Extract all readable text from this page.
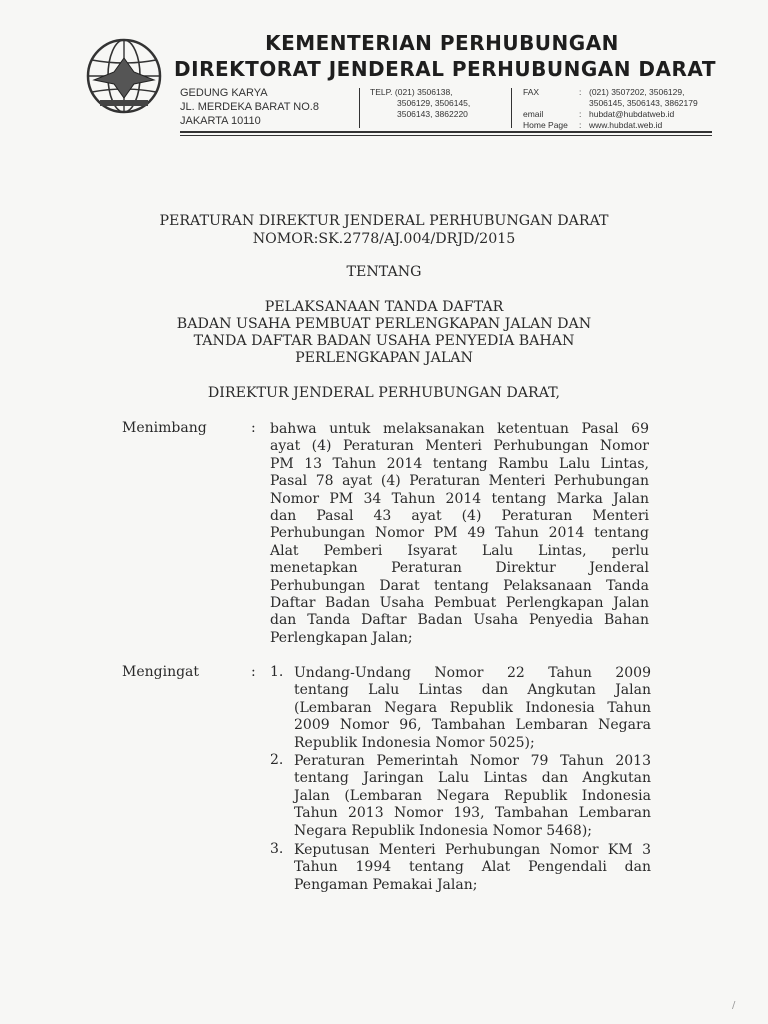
KEMENTERIAN PERHUBUNGAN
DIREKTORAT JENDERAL PERHUBUNGAN DARAT
GEDUNG KARYA
JL. MERDEKA BARAT NO.8
JAKARTA 10110
TELP. (021) 3506138,
3506129, 3506145,
3506143, 3862220
FAX	:	(021) 3507202, 3506129,
		3506145, 3506143, 3862179
email	:	hubdat@hubdatweb.id
Home Page	:	www.hubdat.web.id
PERATURAN DIREKTUR JENDERAL PERHUBUNGAN DARAT
NOMOR:SK.2778/AJ.004/DRJD/2015
TENTANG
PELAKSANAAN TANDA DAFTAR
BADAN USAHA PEMBUAT PERLENGKAPAN JALAN DAN
TANDA DAFTAR BADAN USAHA PENYEDIA BAHAN
PERLENGKAPAN JALAN
DIREKTUR JENDERAL PERHUBUNGAN DARAT,
Menimbang	: bahwa untuk melaksanakan ketentuan Pasal 69
ayat (4) Peraturan Menteri Perhubungan Nomor
PM 13 Tahun 2014 tentang Rambu Lalu Lintas,
Pasal 78 ayat (4) Peraturan Menteri Perhubungan
Nomor PM 34 Tahun 2014 tentang Marka Jalan
dan Pasal 43 ayat (4) Peraturan Menteri
Perhubungan Nomor PM 49 Tahun 2014 tentang
Alat Pemberi Isyarat Lalu Lintas, perlu
menetapkan Peraturan Direktur Jenderal
Perhubungan Darat tentang Pelaksanaan Tanda
Daftar Badan Usaha Pembuat Perlengkapan Jalan
dan Tanda Daftar Badan Usaha Penyedia Bahan
Perlengkapan Jalan;
Mengingat	: 1. Undang-Undang Nomor 22 Tahun 2009
tentang Lalu Lintas dan Angkutan Jalan
(Lembaran Negara Republik Indonesia Tahun
2009 Nomor 96, Tambahan Lembaran Negara
Republik Indonesia Nomor 5025);
2. Peraturan Pemerintah Nomor 79 Tahun 2013
tentang Jaringan Lalu Lintas dan Angkutan
Jalan (Lembaran Negara Republik Indonesia
Tahun 2013 Nomor 193, Tambahan Lembaran
Negara Republik Indonesia Nomor 5468);
3. Keputusan Menteri Perhubungan Nomor KM 3
Tahun 1994 tentang Alat Pengendali dan
Pengaman Pemakai Jalan;
/
